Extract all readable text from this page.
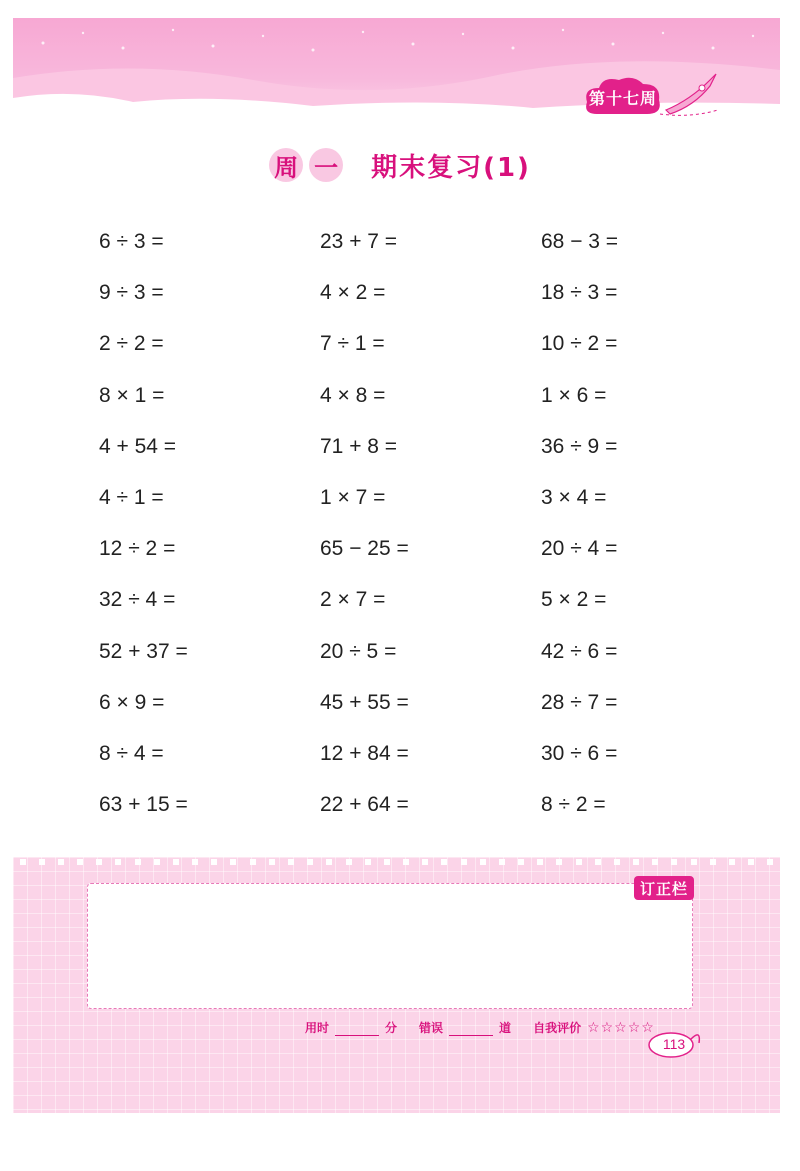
第十七周
周 一 期末复习(1)
6 ÷ 3 =	23 + 7 =	68 − 3 =
9 ÷ 3 =	4 × 2 =	18 ÷ 3 =
2 ÷ 2 =	7 ÷ 1 =	10 ÷ 2 =
8 × 1 =	4 × 8 =	1 × 6 =
4 + 54 =	71 + 8 =	36 ÷ 9 =
4 ÷ 1 =	1 × 7 =	3 × 4 =
12 ÷ 2 =	65 − 25 =	20 ÷ 4 =
32 ÷ 4 =	2 × 7 =	5 × 2 =
52 + 37 =	20 ÷ 5 =	42 ÷ 6 =
6 × 9 =	45 + 55 =	28 ÷ 7 =
8 ÷ 4 =	12 + 84 =	30 ÷ 6 =
63 + 15 =	22 + 64 =	8 ÷ 2 =
订正栏
用时	分 错误	道 自我评价 ☆☆☆☆☆
113
